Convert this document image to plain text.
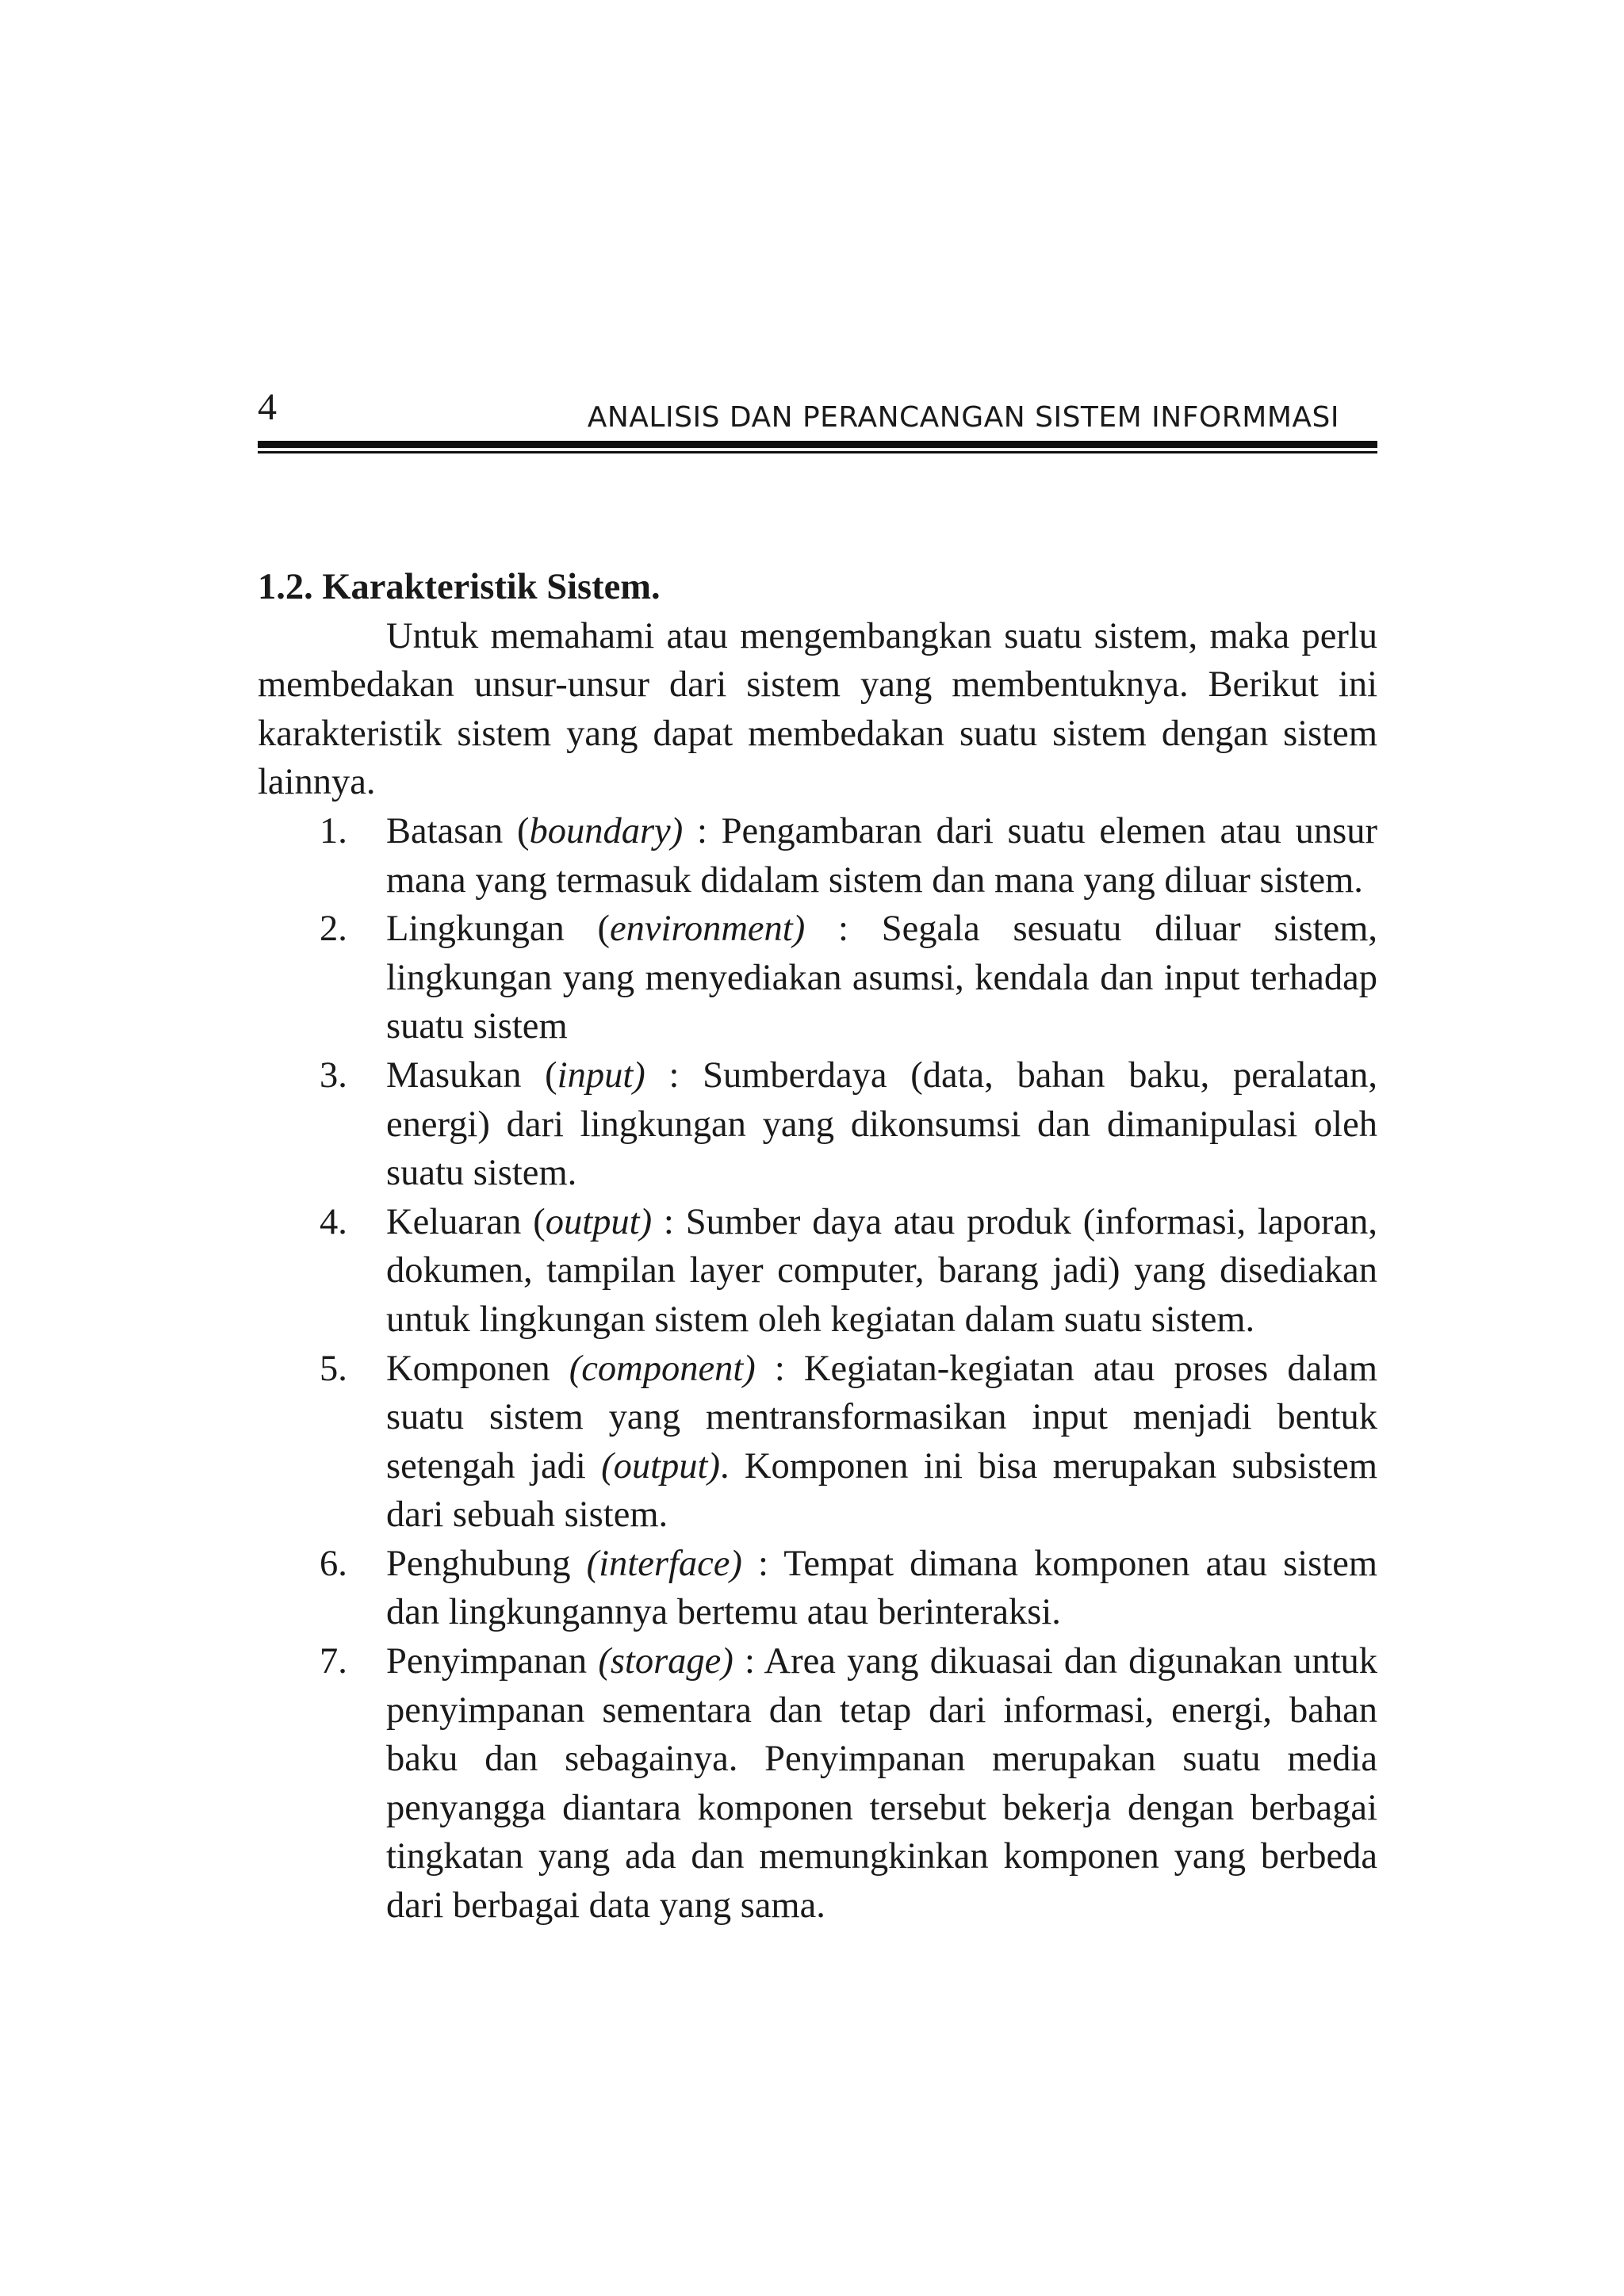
4	ANALISIS DAN PERANCANGAN SISTEM INFORMMASI
1.2. Karakteristik Sistem.

Untuk memahami atau mengembangkan suatu sistem, maka perlu membedakan unsur-unsur dari sistem yang membentuknya. Berikut ini karakteristik sistem yang dapat membedakan suatu sistem dengan sistem lainnya.

1. Batasan (boundary) : Pengambaran dari suatu elemen atau unsur mana yang termasuk didalam sistem dan mana yang diluar sistem.
2. Lingkungan (environment) : Segala sesuatu diluar sistem, lingkungan yang menyediakan asumsi, kendala dan input terhadap suatu sistem
3. Masukan (input) : Sumberdaya (data, bahan baku, peralatan, energi) dari lingkungan yang dikonsumsi dan dimanipulasi oleh suatu sistem.
4. Keluaran (output) : Sumber daya atau produk (informasi, laporan, dokumen, tampilan layer computer, barang jadi) yang disediakan untuk lingkungan sistem oleh kegiatan dalam suatu sistem.
5. Komponen (component) : Kegiatan-kegiatan atau proses dalam suatu sistem yang mentransformasikan input menjadi bentuk setengah jadi (output). Komponen ini bisa merupakan subsistem dari sebuah sistem.
6. Penghubung (interface) : Tempat dimana komponen atau sistem dan lingkungannya bertemu atau berinteraksi.
7. Penyimpanan (storage) : Area yang dikuasai dan digunakan untuk penyimpanan sementara dan tetap dari informasi, energi, bahan baku dan sebagainya. Penyimpanan merupakan suatu media penyangga diantara komponen tersebut bekerja dengan berbagai tingkatan yang ada dan memungkinkan komponen yang berbeda dari berbagai data yang sama.
